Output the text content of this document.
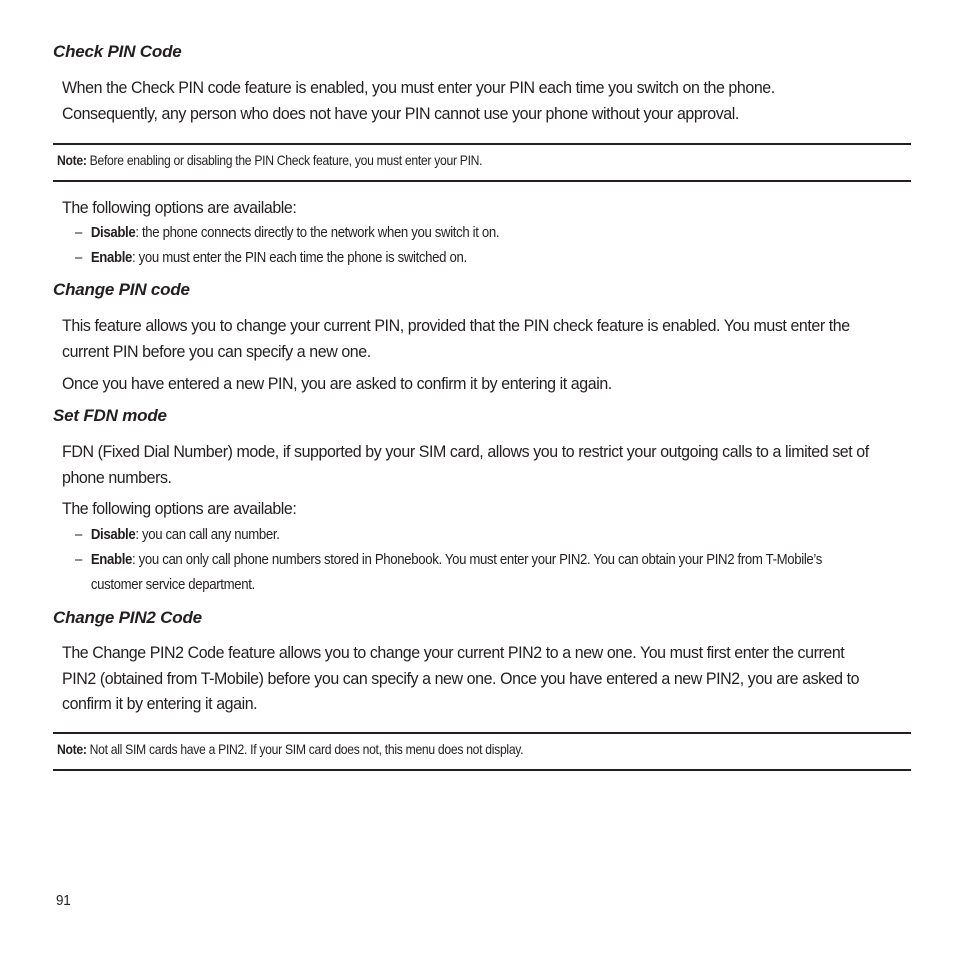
Check PIN Code

When the Check PIN code feature is enabled, you must enter your PIN each time you switch on the phone. Consequently, any person who does not have your PIN cannot use your phone without your approval.

Note: Before enabling or disabling the PIN Check feature, you must enter your PIN.

The following options are available:

– Disable: the phone connects directly to the network when you switch it on.
– Enable: you must enter the PIN each time the phone is switched on.
Change PIN code

This feature allows you to change your current PIN, provided that the PIN check feature is enabled. You must enter the current PIN before you can specify a new one.

Once you have entered a new PIN, you are asked to confirm it by entering it again.

Set FDN mode

FDN (Fixed Dial Number) mode, if supported by your SIM card, allows you to restrict your outgoing calls to a limited set of phone numbers.

The following options are available:

– Disable: you can call any number.
– Enable: you can only call phone numbers stored in Phonebook. You must enter your PIN2. You can obtain your PIN2 from T-Mobile’s customer service department.
Change PIN2 Code

The Change PIN2 Code feature allows you to change your current PIN2 to a new one. You must first enter the current PIN2 (obtained from T-Mobile) before you can specify a new one. Once you have entered a new PIN2, you are asked to confirm it by entering it again.

Note: Not all SIM cards have a PIN2. If your SIM card does not, this menu does not display.

91
